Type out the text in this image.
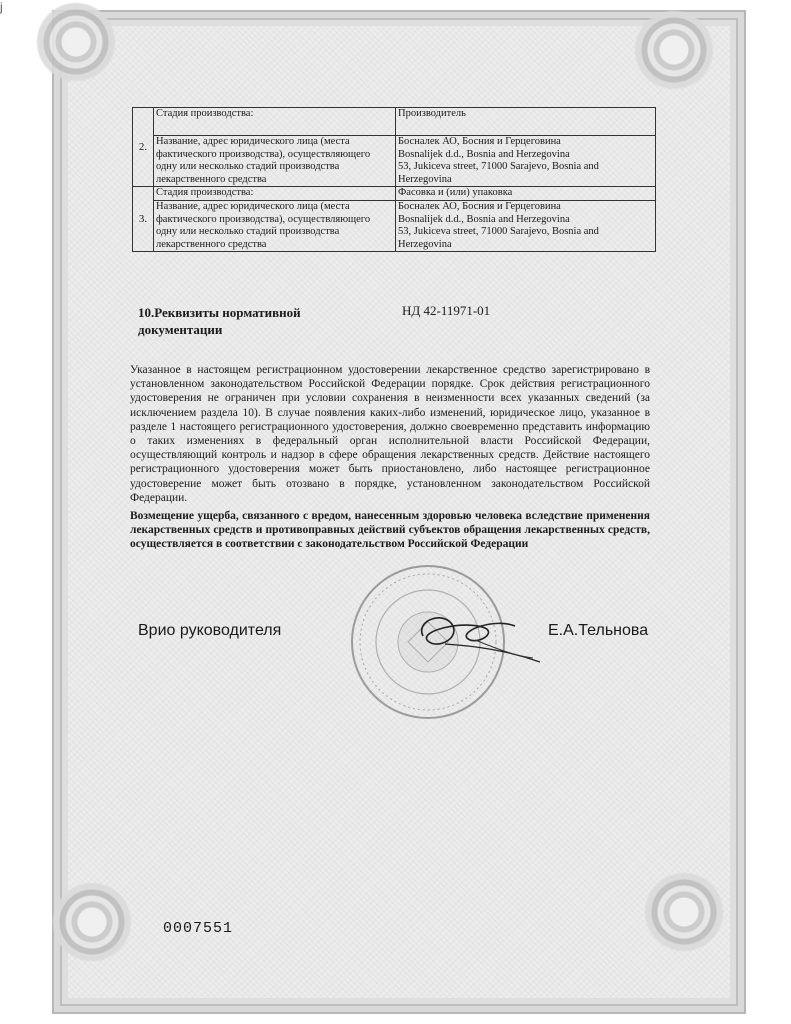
j
2.	Стадия производства:	Производитель
	Название, адрес юридического лица (места фактического производства), осуществляющего одну или несколько стадий производства лекарственного средства	Босналек АО, Босния и Герцеговина
Bosnalijek d.d., Bosnia and Herzegovina
53, Jukiceva street, 71000 Sarajevo, Bosnia and Herzegovina

3.	Стадия производства:	Фасовка и (или) упаковка
	Название, адрес юридического лица (места фактического производства), осуществляющего одну или несколько стадий производства лекарственного средства	Босналек АО, Босния и Герцеговина
Bosnalijek d.d., Bosnia and Herzegovina
53, Jukiceva street, 71000 Sarajevo, Bosnia and Herzegovina
10.Реквизиты нормативной документации
НД 42-11971-01
Указанное в настоящем регистрационном удостоверении лекарственное средство зарегистрировано в установленном законодательством Российской Федерации порядке. Срок действия регистрационного удостоверения не ограничен при условии сохранения в неизменности всех указанных сведений (за исключением раздела 10). В случае появления каких-либо изменений, юридическое лицо, указанное в разделе 1 настоящего регистрационного удостоверения, должно своевременно представить информацию о таких изменениях в федеральный орган исполнительной власти Российской Федерации, осуществляющий контроль и надзор в сфере обращения лекарственных средств. Действие настоящего регистрационного удостоверения может быть приостановлено, либо настоящее регистрационное удостоверение может быть отозвано в порядке, установленном законодательством Российской Федерации.
Возмещение ущерба, связанного с вредом, нанесенным здоровью человека вследствие применения лекарственных средств и противоправных действий субъектов обращения лекарственных средств, осуществляется в соответствии с законодательством Российской Федерации
Врио руководителя	Е.А.Тельнова
0007551
